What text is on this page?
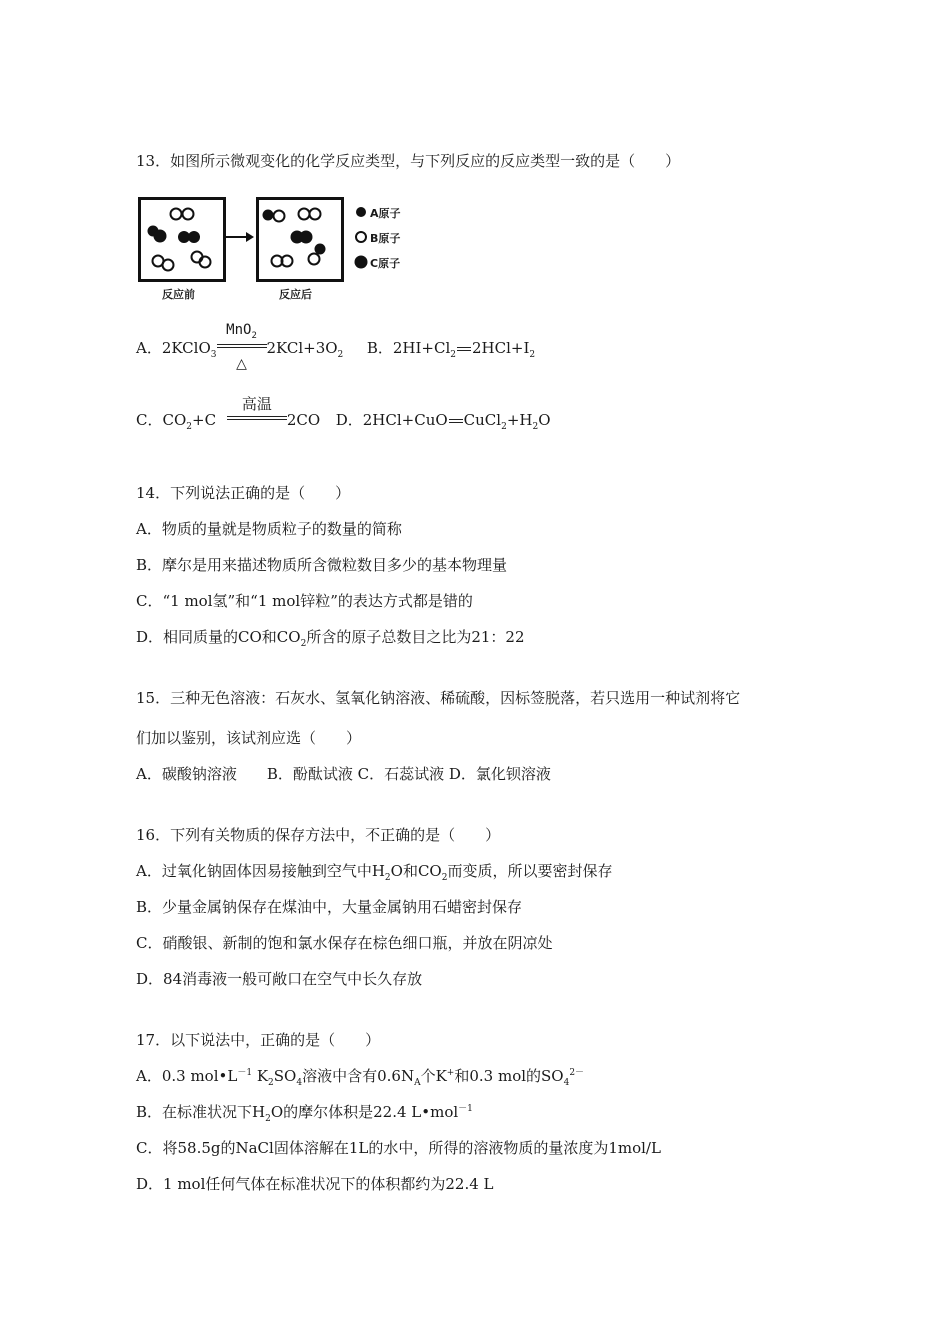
13．如图所示微观变化的化学反应类型，与下列反应的反应类型一致的是（　　）
反应前	反应后
A原子
B原子
C原子
A．2KClO$_3$
MnO$_2$
△
$2KCl+3O_2$ B．$2HI+Cl_2$ $2HCl+I_2$
C．$CO_2+C$
高温
2CO D．2HCl+CuO $CuCl_2+H_2O$
14．下列说法正确的是（　　）
A．物质的量就是物质粒子的数量的简称
B．摩尔是用来描述物质所含微粒数目多少的基本物理量
C．“1 mol氢”和“1 mol锌粒”的表达方式都是错的
D．相同质量的CO和$CO_2$所含的原子总数目之比为21：22
15．三种无色溶液：石灰水、氢氧化钠溶液、稀硫酸，因标签脱落，若只选用一种试剂将它
们加以鉴别，该试剂应选（　　）
A．碳酸钠溶液　　B．酚酞试液 C．石蕊试液 D．氯化钡溶液
16．下列有关物质的保存方法中，不正确的是（　　）
A．过氧化钠固体因易接触到空气中$H_2O$和$CO_2$而变质，所以要密封保存
B．少量金属钠保存在煤油中，大量金属钠用石蜡密封保存
C．硝酸银、新制的饱和氯水保存在棕色细口瓶，并放在阴凉处
D．84消毒液一般可敞口在空气中长久存放
17．以下说法中，正确的是（　　）
A．0.3 $mol•L^{-1}$ $K_2SO_4$溶液中含有$0.6N_A$个K+和0.3 mol的$SO_4^{2-}$
B．在标准状况下$H_2O$的摩尔体积是22.4 L•mol$^{-1}$
C．将58.5g的NaCl固体溶解在1L的水中，所得的溶液物质的量浓度为1mol/L
D．1 mol任何气体在标准状况下的体积都约为22.4 L
